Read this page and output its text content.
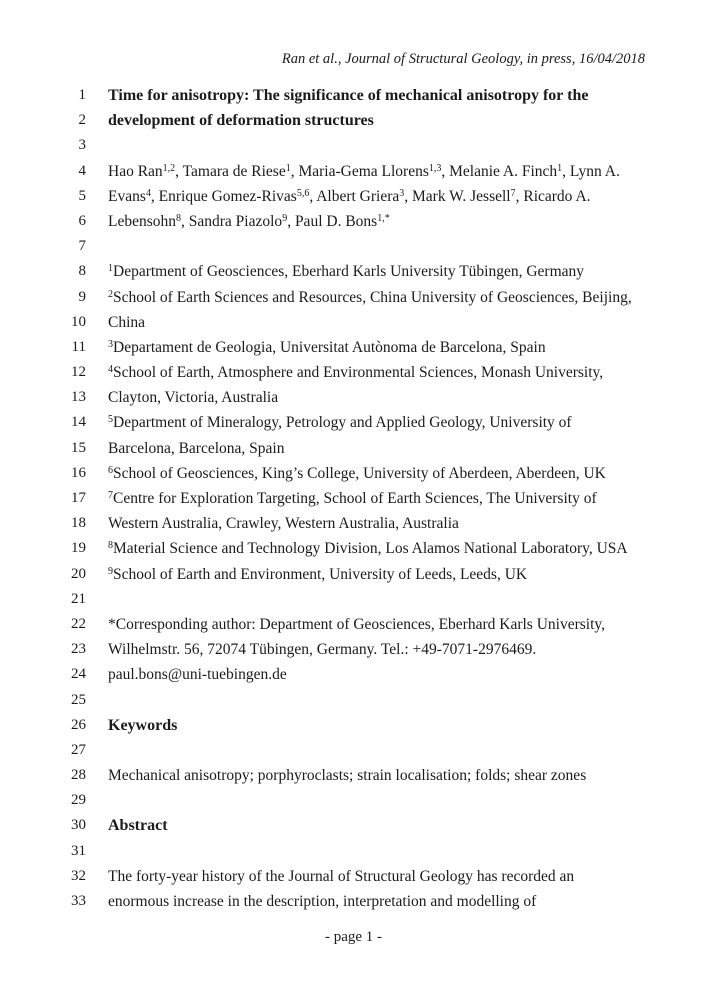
Ran et al., Journal of Structural Geology, in press, 16/04/2018
1 Time for anisotropy: The significance of mechanical anisotropy for the
2 development of deformation structures
3
4 Hao Ran$^{1,2}$, Tamara de Riese$^1$, Maria-Gema Llorens$^{1,3}$, Melanie A. Finch$^1$, Lynn A.
5 Evans$^4$, Enrique Gomez-Rivas$^{5,6}$, Albert Griera$^3$, Mark W. Jessell$^7$, Ricardo A.
6 Lebensohn$^8$, Sandra Piazolo$^9$, Paul D. Bons$^{1,*}$
7
8 $^1$Department of Geosciences, Eberhard Karls University Tübingen, Germany
9 $^2$School of Earth Sciences and Resources, China University of Geosciences, Beijing,
10 China
11 $^3$Departament de Geologia, Universitat Autònoma de Barcelona, Spain
12 $^4$School of Earth, Atmosphere and Environmental Sciences, Monash University,
13 Clayton, Victoria, Australia
14 $^5$Department of Mineralogy, Petrology and Applied Geology, University of
15 Barcelona, Barcelona, Spain
16 $^6$School of Geosciences, King’s College, University of Aberdeen, Aberdeen, UK
17 $^7$Centre for Exploration Targeting, School of Earth Sciences, The University of
18 Western Australia, Crawley, Western Australia, Australia
19 $^8$Material Science and Technology Division, Los Alamos National Laboratory, USA
20 $^9$School of Earth and Environment, University of Leeds, Leeds, UK
21
22 *Corresponding author: Department of Geosciences, Eberhard Karls University,
23 Wilhelmstr. 56, 72074 Tübingen, Germany. Tel.: +49-7071-2976469.
24 paul.bons@uni-tuebingen.de
25
26 Keywords
27
28 Mechanical anisotropy; porphyroclasts; strain localisation; folds; shear zones
29
30 Abstract
31
32 The forty-year history of the Journal of Structural Geology has recorded an
33 enormous increase in the description, interpretation and modelling of
- page 1 -
